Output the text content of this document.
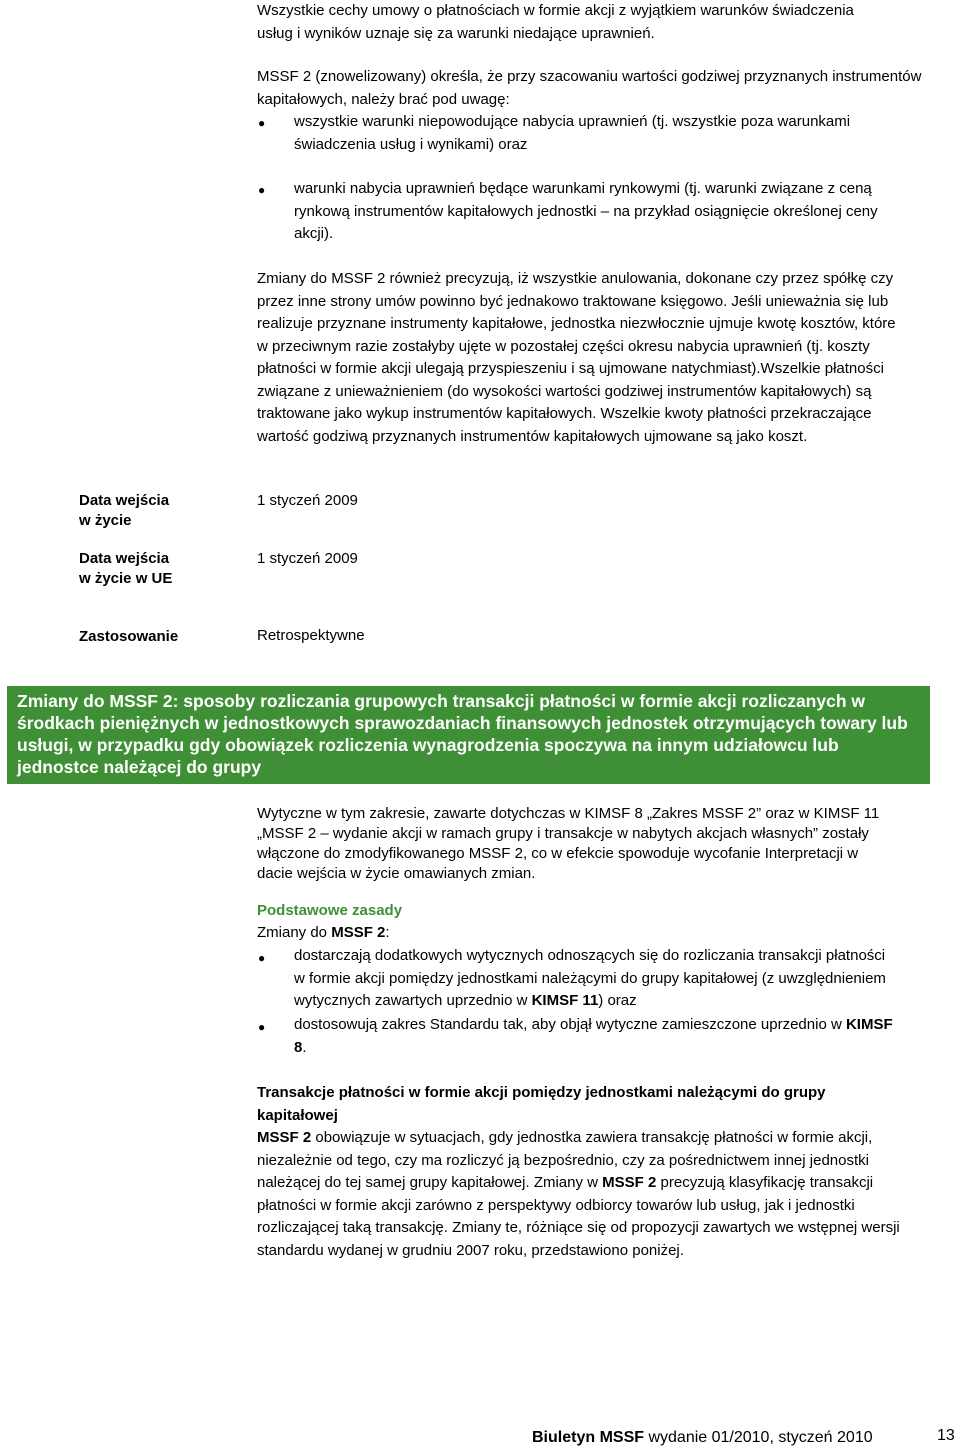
Wszystkie cechy umowy o płatnościach w formie akcji z wyjątkiem warunków świadczenia usług i wyników uznaje się za warunki niedające uprawnień.

MSSF 2 (znowelizowany) określa, że przy szacowaniu wartości godziwej przyznanych instrumentów kapitałowych, należy brać pod uwagę:

● wszystkie warunki niepowodujące nabycia uprawnień (tj. wszystkie poza warunkami świadczenia usług i wynikami) oraz

● warunki nabycia uprawnień będące warunkami rynkowymi (tj. warunki związane z ceną rynkową instrumentów kapitałowych jednostki – na przykład osiągnięcie określonej ceny akcji).

Zmiany do MSSF 2 również precyzują, iż wszystkie anulowania, dokonane czy przez spółkę czy przez inne strony umów powinno być jednakowo traktowane księgowo. Jeśli unieważnia się lub realizuje przyznane instrumenty kapitałowe, jednostka niezwłocznie ujmuje kwotę kosztów, które w przeciwnym razie zostałyby ujęte w pozostałej części okresu nabycia uprawnień (tj. koszty płatności w formie akcji ulegają przyspieszeniu i są ujmowane natychmiast).Wszelkie płatności związane z unieważnieniem (do wysokości wartości godziwej instrumentów kapitałowych) są traktowane jako wykup instrumentów kapitałowych. Wszelkie kwoty płatności przekraczające wartość godziwą przyznanych instrumentów kapitałowych ujmowane są jako koszt.

Data wejścia
w życie
1 styczeń 2009
Data wejścia
w życie w UE
1 styczeń 2009
Zastosowanie	Retrospektywne
Zmiany do MSSF 2: sposoby rozliczania grupowych transakcji płatności w formie akcji rozliczanych w środkach pieniężnych w jednostkowych sprawozdaniach finansowych jednostek otrzymujących towary lub usługi, w przypadku gdy obowiązek rozliczenia wynagrodzenia spoczywa na innym udziałowcu lub jednostce należącej do grupy

Wytyczne w tym zakresie, zawarte dotychczas w KIMSF 8 „Zakres MSSF 2” oraz w KIMSF 11 „MSSF 2 – wydanie akcji w ramach grupy i transakcje w nabytych akcjach własnych” zostały włączone do zmodyfikowanego MSSF 2, co w efekcie spowoduje wycofanie Interpretacji w dacie wejścia w życie omawianych zmian.

Podstawowe zasady
Zmiany do MSSF 2:
● dostarczają dodatkowych wytycznych odnoszących się do rozliczania transakcji płatności w formie akcji pomiędzy jednostkami należącymi do grupy kapitałowej (z uwzględnieniem wytycznych zawartych uprzednio w KIMSF 11) oraz

● dostosowują zakres Standardu tak, aby objął wytyczne zamieszczone uprzednio w KIMSF 8.

Transakcje płatności w formie akcji pomiędzy jednostkami należącymi do grupy kapitałowej

MSSF 2 obowiązuje w sytuacjach, gdy jednostka zawiera transakcję płatności w formie akcji, niezależnie od tego, czy ma rozliczyć ją bezpośrednio, czy za pośrednictwem innej jednostki należącej do tej samej grupy kapitałowej. Zmiany w MSSF 2 precyzują klasyfikację transakcji płatności w formie akcji zarówno z perspektywy odbiorcy towarów lub usług, jak i jednostki rozliczającej taką transakcję. Zmiany te, różniące się od propozycji zawartych we wstępnej wersji standardu wydanej w grudniu 2007 roku, przedstawiono poniżej.

Biuletyn MSSF wydanie 01/2010, styczeń 2010	13
